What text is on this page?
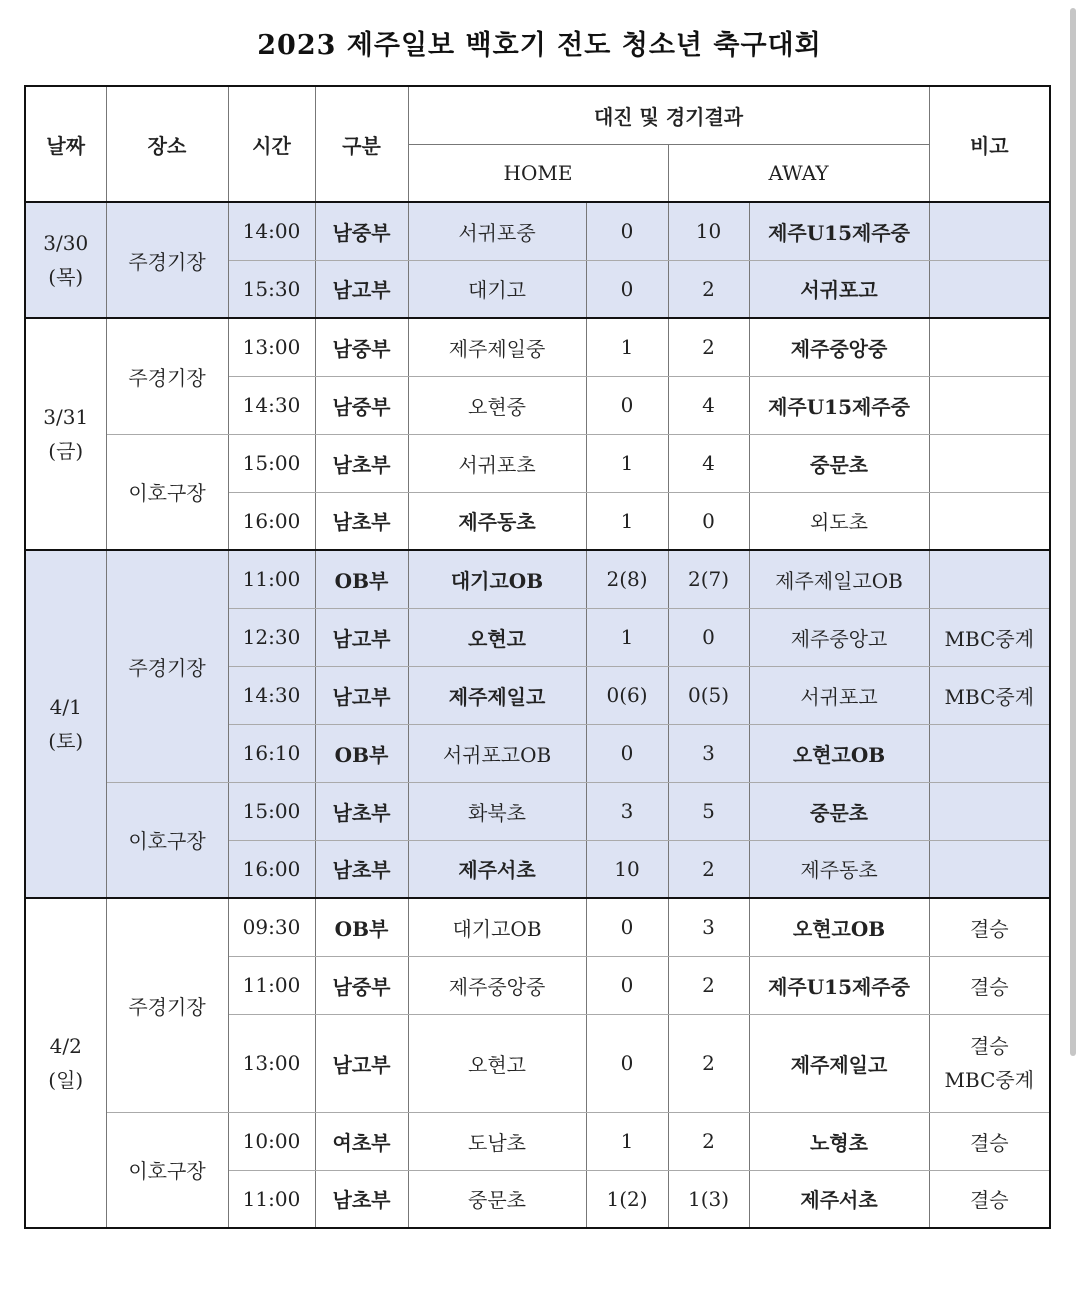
2023 제주일보 백호기 전도 청소년 축구대회
날짜	장소	시간	구분	대진 및 경기결과				비고
				HOME		AWAY		

3/30
(목)	주경기장	14:00	남중부	서귀포중	0	10	제주U15제주중	
		15:30	남고부	대기고	0	2	서귀포고	

3/31
(금)	주경기장	13:00	남중부	제주제일중	1	2	제주중앙중	
		14:30	남중부	오현중	0	4	제주U15제주중	
	이호구장	15:00	남초부	서귀포초	1	4	중문초	
		16:00	남초부	제주동초	1	0	외도초	

4/1
(토)	주경기장	11:00	OB부	대기고OB	2(8)	2(7)	제주제일고OB	
		12:30	남고부	오현고	1	0	제주중앙고	MBC중계
		14:30	남고부	제주제일고	0(6)	0(5)	서귀포고	MBC중계
		16:10	OB부	서귀포고OB	0	3	오현고OB	
	이호구장	15:00	남초부	화북초	3	5	중문초	
		16:00	남초부	제주서초	10	2	제주동초	

4/2
(일)	주경기장	09:30	OB부	대기고OB	0	3	오현고OB	결승
		11:00	남중부	제주중앙중	0	2	제주U15제주중	결승
		13:00	남고부	오현고	0	2	제주제일고	결승
MBC중계

	이호구장	10:00	여초부	도남초	1	2	노형초	결승
		11:00	남초부	중문초	1(2)	1(3)	제주서초	결승
